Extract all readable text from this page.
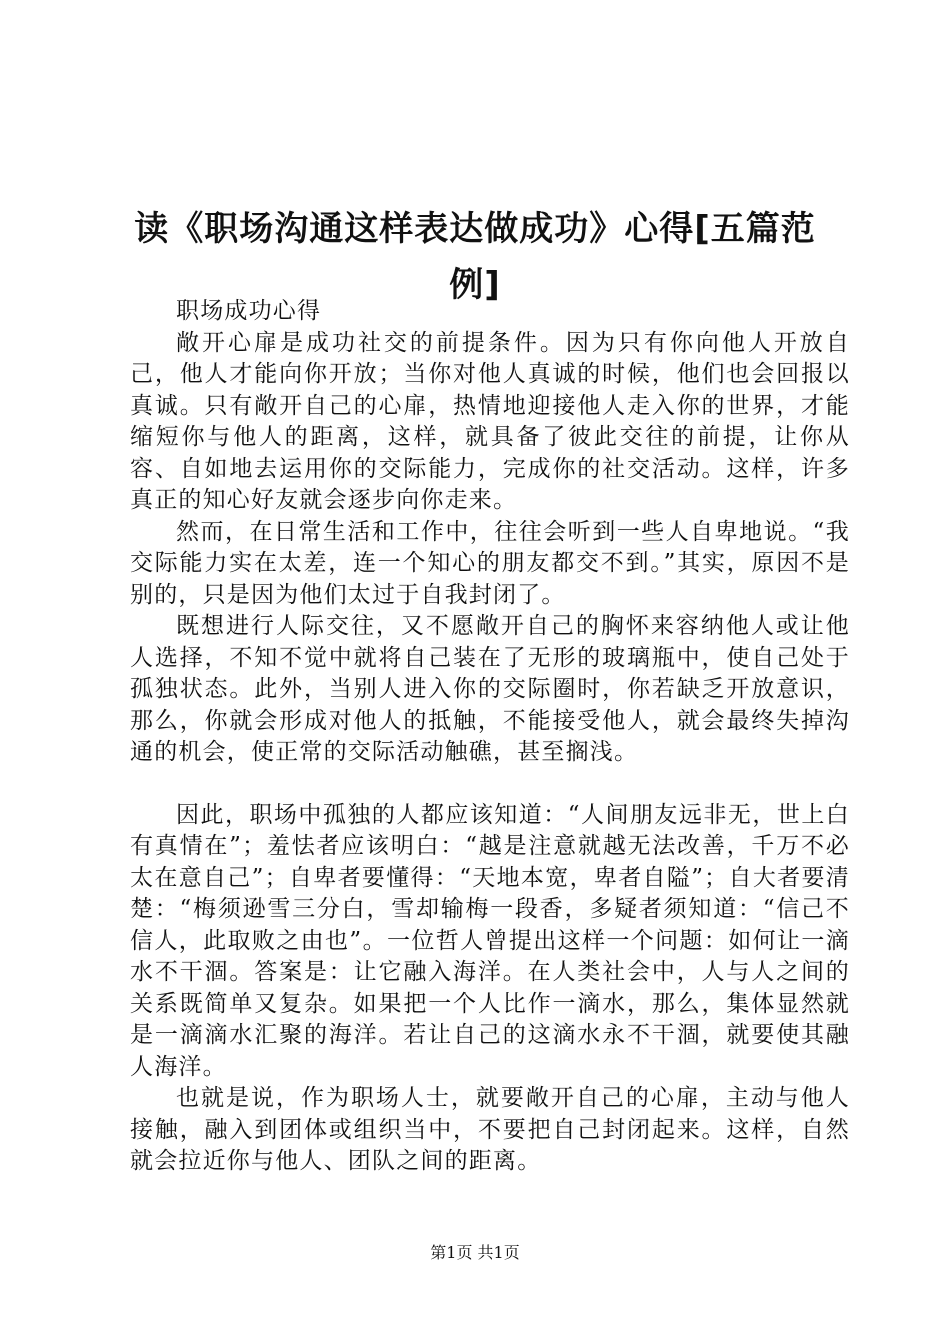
读《职场沟通这样表达做成功》心得[五篇范例]

职场成功心得

敞开心扉是成功社交的前提条件。因为只有你向他人开放自己，他人才能向你开放；当你对他人真诚的时候，他们也会回报以真诚。只有敞开自己的心扉，热情地迎接他人走入你的世界，才能缩短你与他人的距离，这样，就具备了彼此交往的前提，让你从容、自如地去运用你的交际能力，完成你的社交活动。这样，许多真正的知心好友就会逐步向你走来。

然而，在日常生活和工作中，往往会听到一些人自卑地说。“我交际能力实在太差，连一个知心的朋友都交不到。”其实，原因不是别的，只是因为他们太过于自我封闭了。

既想进行人际交往，又不愿敞开自己的胸怀来容纳他人或让他人选择，不知不觉中就将自己装在了无形的玻璃瓶中，使自己处于孤独状态。此外，当别人进入你的交际圈时，你若缺乏开放意识，那么，你就会形成对他人的抵触，不能接受他人，就会最终失掉沟通的机会，使正常的交际活动触礁，甚至搁浅。

因此，职场中孤独的人都应该知道：“人间朋友远非无，世上白有真情在”；羞怯者应该明白：“越是注意就越无法改善，千万不必太在意自己”；自卑者要懂得：“天地本宽，卑者自隘”；自大者要清楚：“梅须逊雪三分白，雪却输梅一段香，多疑者须知道：“信己不信人，此取败之由也”。一位哲人曾提出这样一个问题：如何让一滴水不干涸。答案是：让它融入海洋。在人类社会中，人与人之间的关系既简单又复杂。如果把一个人比作一滴水，那么，集体显然就是一滴滴水汇聚的海洋。若让自己的这滴水永不干涸，就要使其融人海洋。

也就是说，作为职场人士，就要敞开自己的心扉，主动与他人接触，融入到团体或组织当中，不要把自己封闭起来。这样，自然就会拉近你与他人、团队之间的距离。

第1页 共1页
